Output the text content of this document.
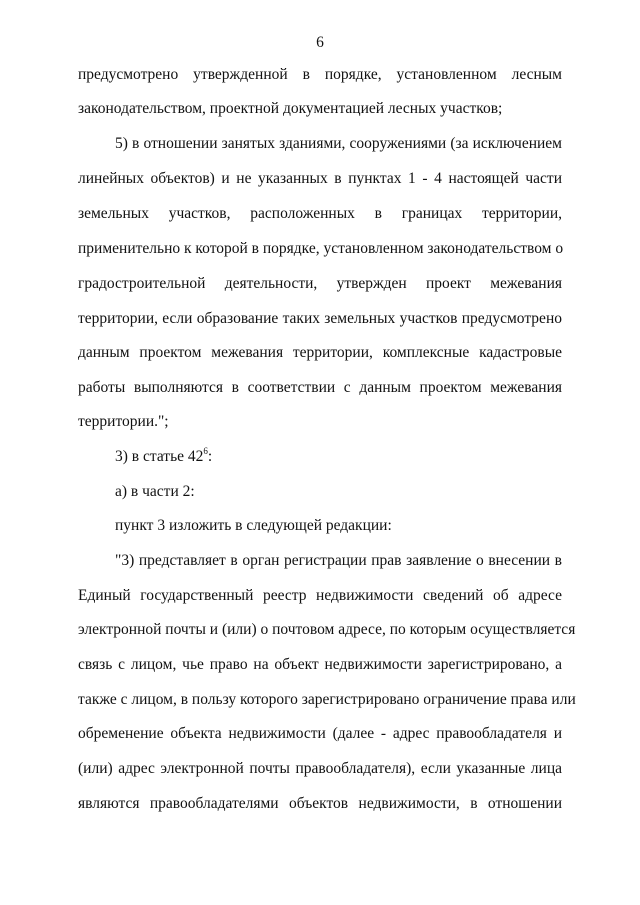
6
предусмотрено утвержденной в порядке, установленном лесным
законодательством, проектной документацией лесных участков;
5) в отношении занятых зданиями, сооружениями (за исключением
линейных объектов) и не указанных в пунктах 1 - 4 настоящей части
земельных участков, расположенных в границах территории,
применительно к которой в порядке, установленном законодательством о
градостроительной деятельности, утвержден проект межевания
территории, если образование таких земельных участков предусмотрено
данным проектом межевания территории, комплексные кадастровые
работы выполняются в соответствии с данным проектом межевания
территории.";
3) в статье $42^6$:
а) в части 2:
пункт 3 изложить в следующей редакции:
"3) представляет в орган регистрации прав заявление о внесении в
Единый государственный реестр недвижимости сведений об адресе
электронной почты и (или) о почтовом адресе, по которым осуществляется
связь с лицом, чье право на объект недвижимости зарегистрировано, а
также с лицом, в пользу которого зарегистрировано ограничение права или
обременение объекта недвижимости (далее - адрес правообладателя и
(или) адрес электронной почты правообладателя), если указанные лица
являются правообладателями объектов недвижимости, в отношении
